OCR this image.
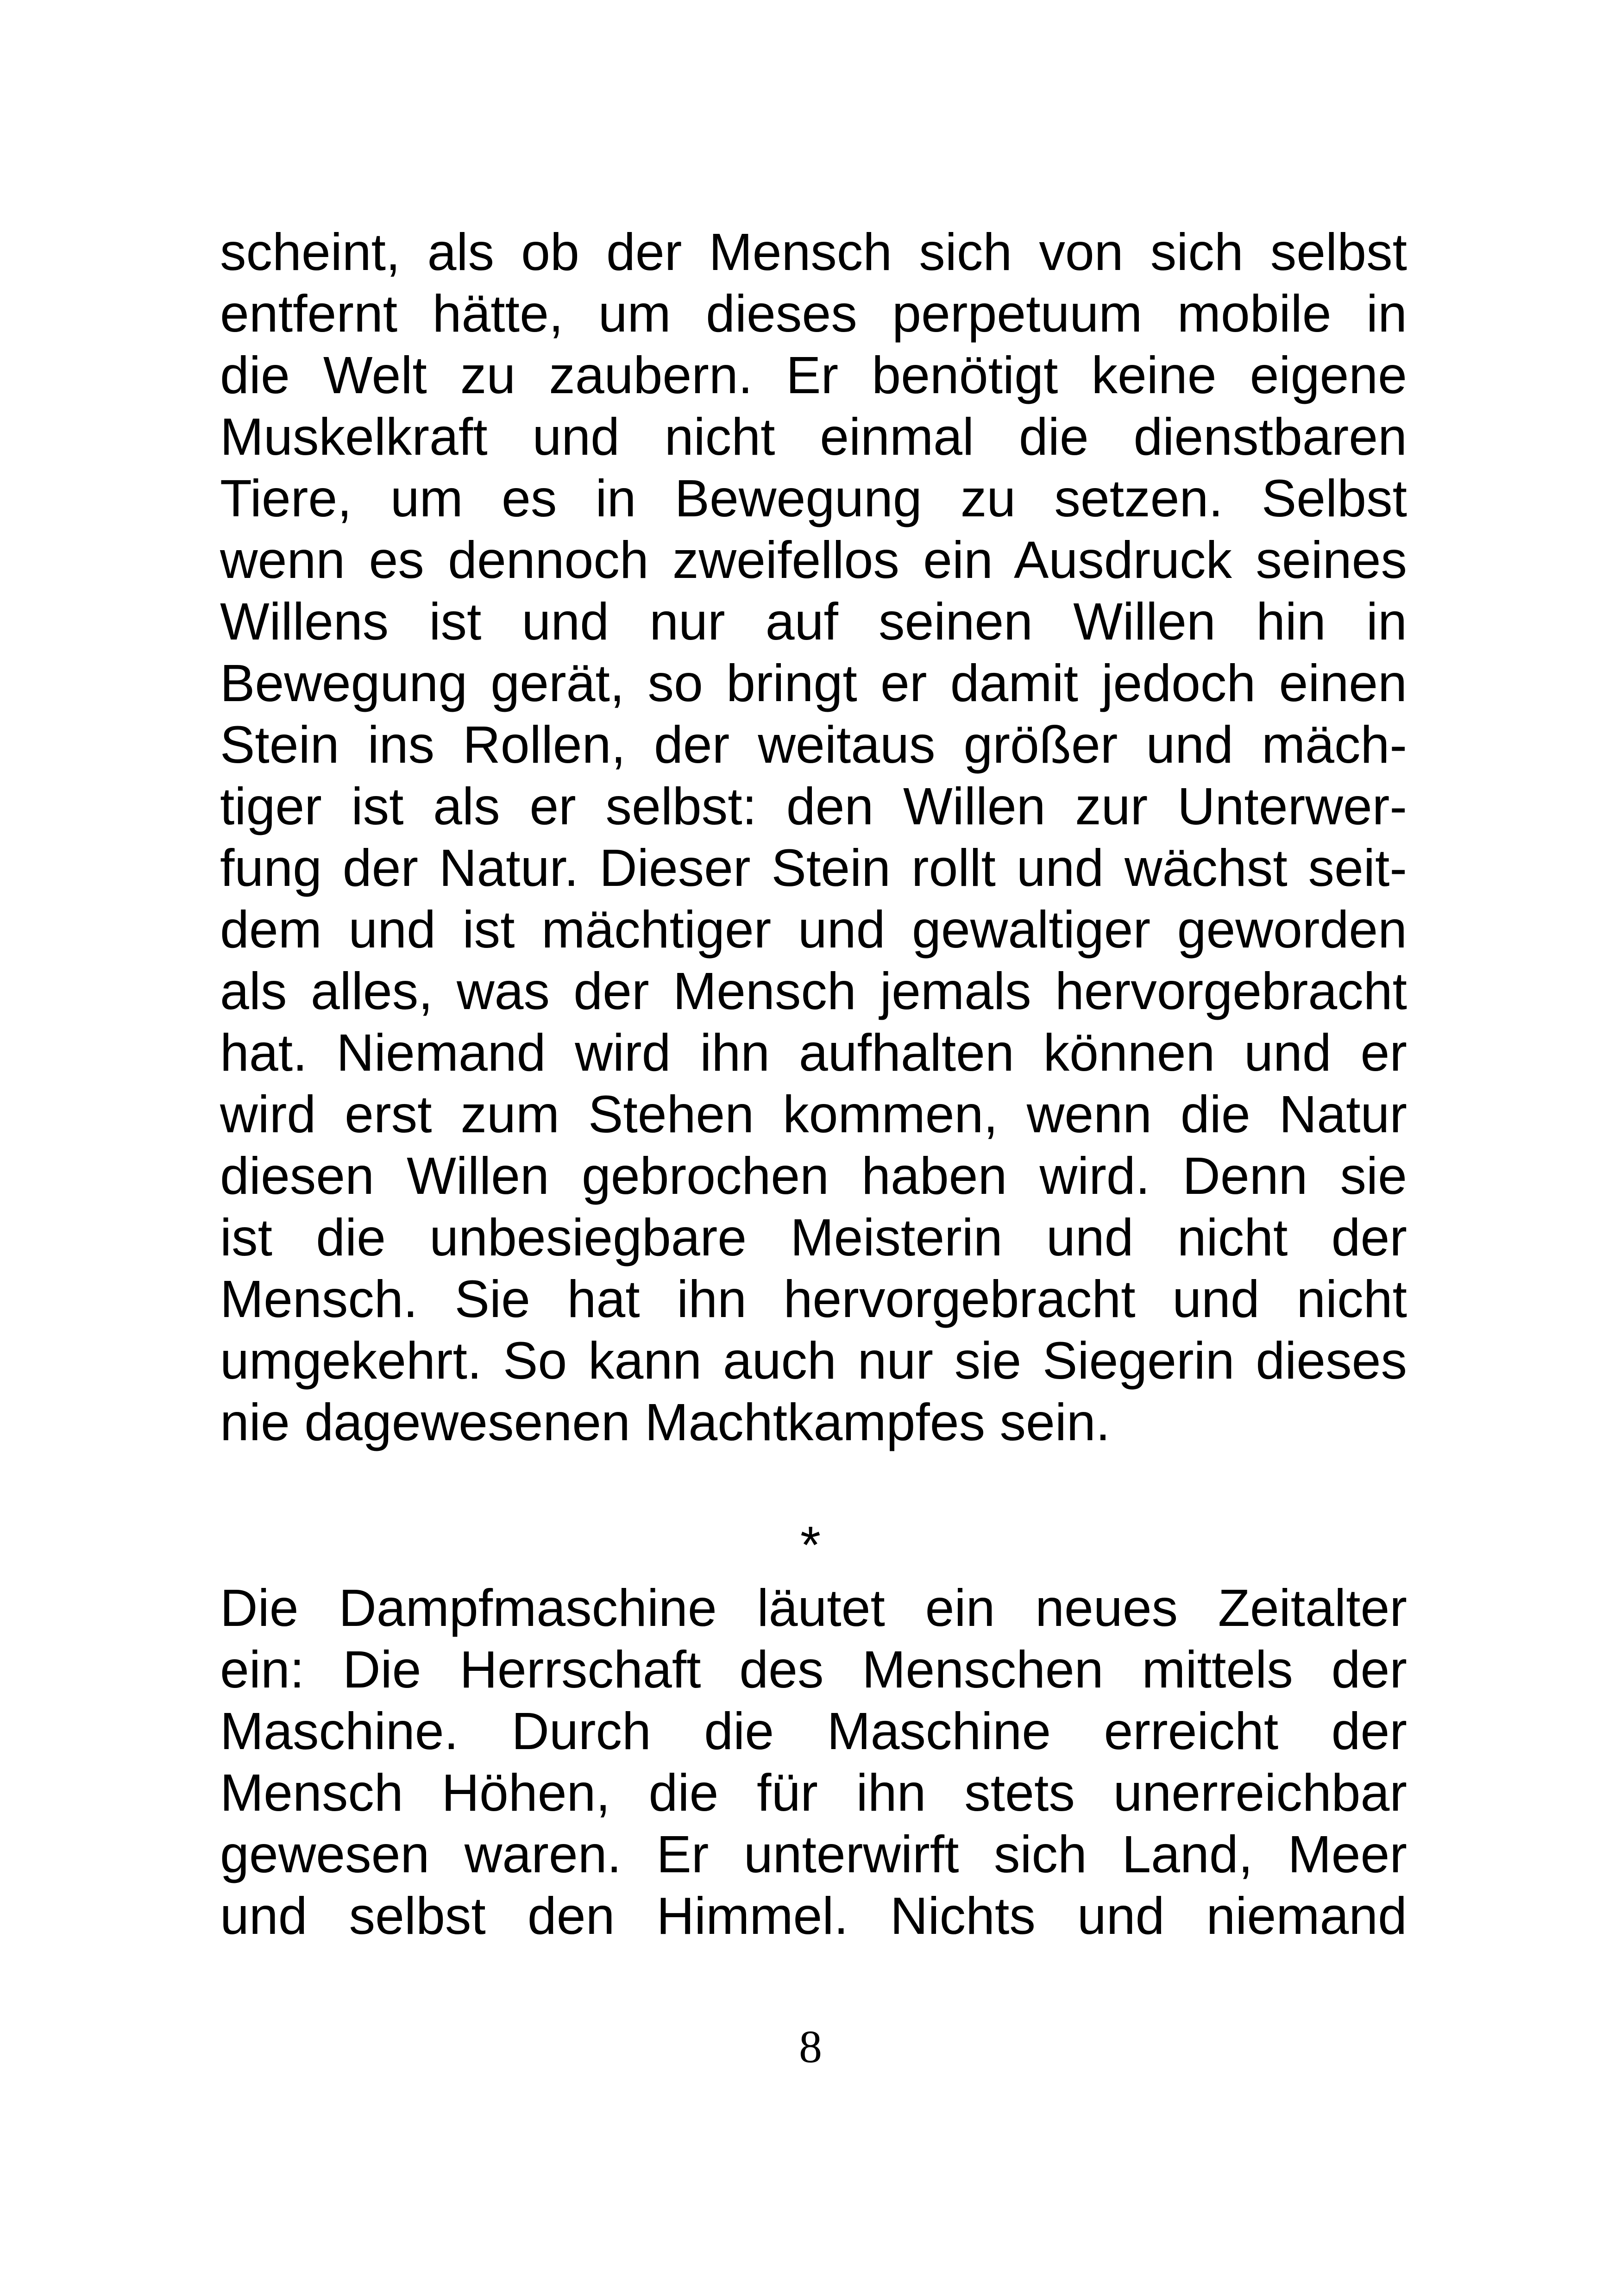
scheint, als ob der Mensch sich von sich selbst
entfernt hätte, um dieses perpetuum mobile in
die Welt zu zaubern. Er benötigt keine eigene
Muskelkraft und nicht einmal die dienstbaren
Tiere, um es in Bewegung zu setzen. Selbst
wenn es dennoch zweifellos ein Ausdruck seines
Willens ist und nur auf seinen Willen hin in
Bewegung gerät, so bringt er damit jedoch einen
Stein ins Rollen, der weitaus größer und mäch-
tiger ist als er selbst: den Willen zur Unterwer-
fung der Natur. Dieser Stein rollt und wächst seit-
dem und ist mächtiger und gewaltiger geworden
als alles, was der Mensch jemals hervorgebracht
hat. Niemand wird ihn aufhalten können und er
wird erst zum Stehen kommen, wenn die Natur
diesen Willen gebrochen haben wird. Denn sie
ist die unbesiegbare Meisterin und nicht der
Mensch. Sie hat ihn hervorgebracht und nicht
umgekehrt. So kann auch nur sie Siegerin dieses
nie dagewesenen Machtkampfes sein.
*
Die Dampfmaschine läutet ein neues Zeitalter
ein: Die Herrschaft des Menschen mittels der
Maschine. Durch die Maschine erreicht der
Mensch Höhen, die für ihn stets unerreichbar
gewesen waren. Er unterwirft sich Land, Meer
und selbst den Himmel. Nichts und niemand
8
